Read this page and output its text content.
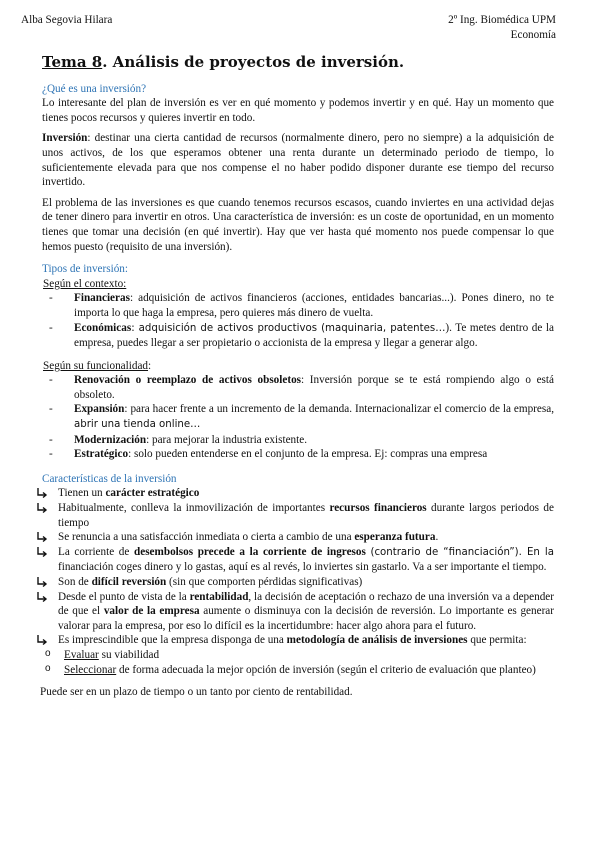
Alba Segovia Hilara	2º Ing. Biomédica UPM
Economía
Tema 8. Análisis de proyectos de inversión.
¿Qué es una inversión?

Lo interesante del plan de inversión es ver en qué momento y podemos invertir y en qué. Hay un momento que tienes pocos recursos y quieres invertir en todo.

Inversión: destinar una cierta cantidad de recursos (normalmente dinero, pero no siempre) a la adquisición de unos activos, de los que esperamos obtener una renta durante un determinado periodo de tiempo, lo suficientemente elevada para que nos compense el no haber podido disponer durante ese tiempo del recurso invertido.

El problema de las inversiones es que cuando tenemos recursos escasos, cuando inviertes en una actividad dejas de tener dinero para invertir en otros. Una característica de inversión: es un coste de oportunidad, en un momento tienes que tomar una decisión (en qué invertir). Hay que ver hasta qué momento nos puede compensar lo que hemos puesto (requisito de una inversión).

Tipos de inversión:
Según el contexto:
- Financieras: adquisición de activos financieros (acciones, entidades bancarias...). Pones dinero, no te importa lo que haga la empresa, pero quieres más dinero de vuelta.
- Económicas: adquisición de activos productivos (maquinaria, patentes…). Te metes dentro de la empresa, puedes llegar a ser propietario o accionista de la empresa y llegar a generar algo.
Según su funcionalidad:
- Renovación o reemplazo de activos obsoletos: Inversión porque se te está rompiendo algo o está obsoleto.
- Expansión: para hacer frente a un incremento de la demanda. Internacionalizar el comercio de la empresa, abrir una tienda online…
- Modernización: para mejorar la industria existente.
- Estratégico: solo pueden entenderse en el conjunto de la empresa. Ej: compras una empresa
Características de la inversión
Tienen un carácter estratégico
Habitualmente, conlleva la inmovilización de importantes recursos financieros durante largos periodos de tiempo
Se renuncia a una satisfacción inmediata o cierta a cambio de una esperanza futura.
La corriente de desembolsos precede a la corriente de ingresos (contrario de “financiación”). En la financiación coges dinero y lo gastas, aquí es al revés, lo inviertes sin gastarlo. Va a ser importante el tiempo.
Son de difícil reversión (sin que comporten pérdidas significativas)
Desde el punto de vista de la rentabilidad, la decisión de aceptación o rechazo de una inversión va a depender de que el valor de la empresa aumente o disminuya con la decisión de reversión. Lo importante es generar valorar para la empresa, por eso lo difícil es la incertidumbre: hacer algo ahora para el futuro.
Es imprescindible que la empresa disponga de una metodología de análisis de inversiones que permita:
o Evaluar su viabilidad
o Seleccionar de forma adecuada la mejor opción de inversión (según el criterio de evaluación que planteo)

Puede ser en un plazo de tiempo o un tanto por ciento de rentabilidad.
